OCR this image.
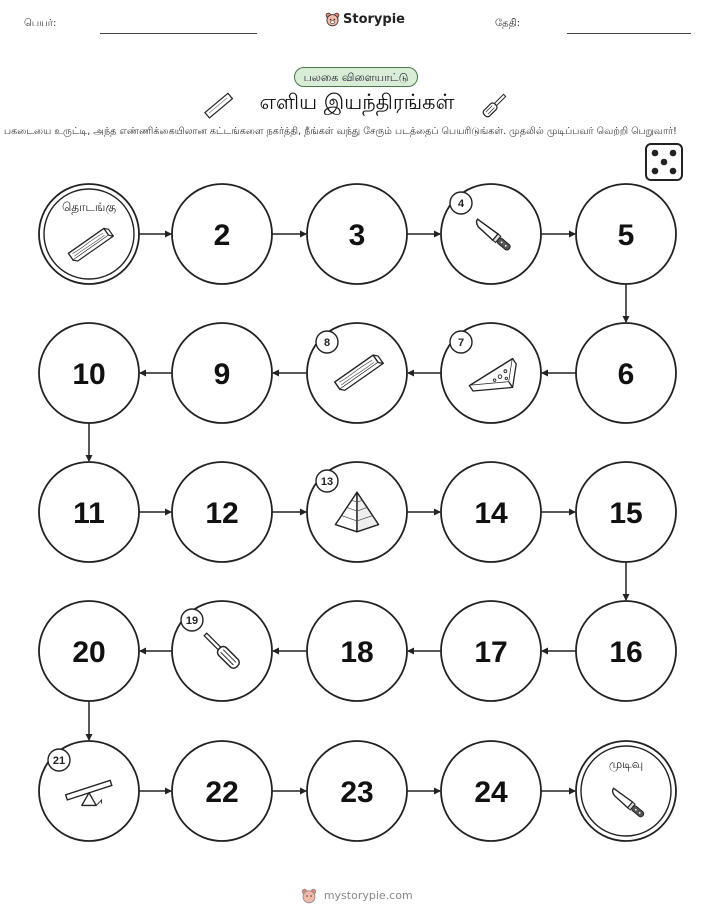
பெயர்:	Storypie	தேதி:
பலகை விளையாட்டு
எளிய இயந்திரங்கள்
பகடையை உருட்டி, அந்த எண்ணிக்கையிலான கட்டங்களை நகர்த்தி, நீங்கள் வந்து சேரும் படத்தைப் பெயரிடுங்கள். முதலில் முடிப்பவர் வெற்றி பெறுவார்!
தொடங்கு
2	3
4
5
6
7
8
9
10
11	12
13
14	15
16
17
18
19
20
21
22	23	24
முடிவு
mystorypie.com
